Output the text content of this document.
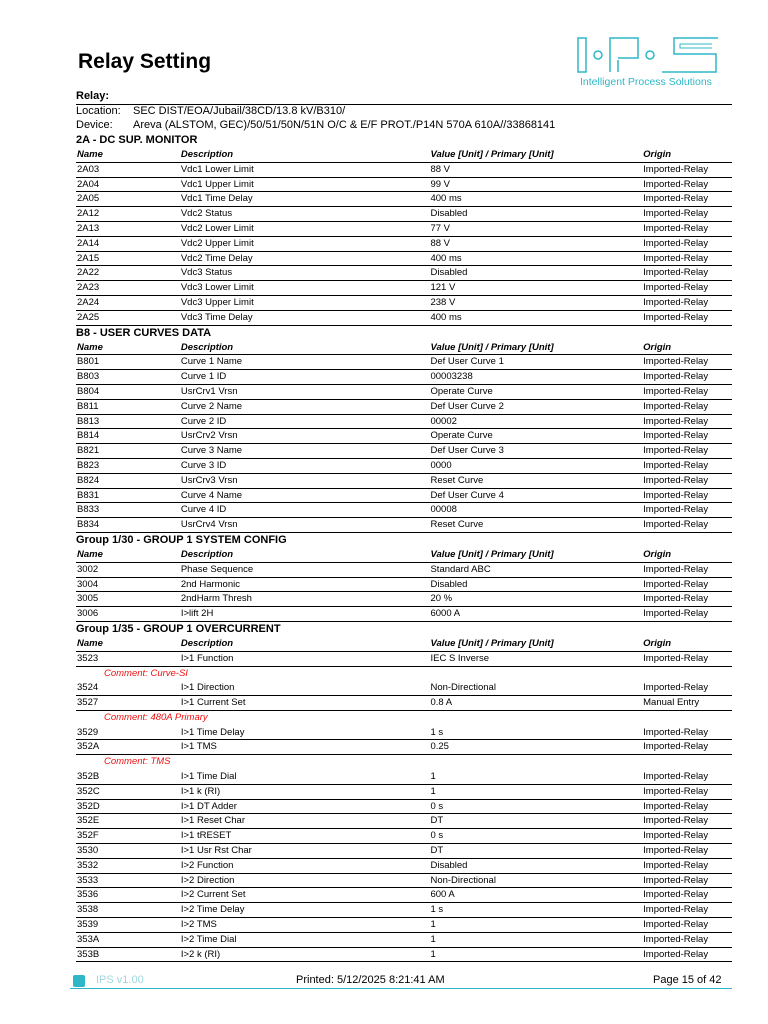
Relay Setting
Intelligent Process Solutions
Relay:
Location: SEC DIST/EOA/Jubail/38CD/13.8 kV/B310/
Device: Areva (ALSTOM, GEC)/50/51/50N/51N O/C & E/F PROT./P14N 570A 610A//33868141
2A - DC SUP. MONITOR
Name	Description	Value [Unit] / Primary [Unit]	Origin
2A03	Vdc1 Lower Limit	88 V	Imported-Relay
2A04	Vdc1 Upper Limit	99 V	Imported-Relay
2A05	Vdc1 Time Delay	400 ms	Imported-Relay
2A12	Vdc2 Status	Disabled	Imported-Relay
2A13	Vdc2 Lower Limit	77 V	Imported-Relay
2A14	Vdc2 Upper Limit	88 V	Imported-Relay
2A15	Vdc2 Time Delay	400 ms	Imported-Relay
2A22	Vdc3 Status	Disabled	Imported-Relay
2A23	Vdc3 Lower Limit	121 V	Imported-Relay
2A24	Vdc3 Upper Limit	238 V	Imported-Relay
2A25	Vdc3 Time Delay	400 ms	Imported-Relay
B8 - USER CURVES DATA
Name	Description	Value [Unit] / Primary [Unit]	Origin
B801	Curve 1 Name	Def User Curve 1	Imported-Relay
B803	Curve 1 ID	00003238	Imported-Relay
B804	UsrCrv1 Vrsn	Operate Curve	Imported-Relay
B811	Curve 2 Name	Def User Curve 2	Imported-Relay
B813	Curve 2 ID	00002	Imported-Relay
B814	UsrCrv2 Vrsn	Operate Curve	Imported-Relay
B821	Curve 3 Name	Def User Curve 3	Imported-Relay
B823	Curve 3 ID	0000	Imported-Relay
B824	UsrCrv3 Vrsn	Reset Curve	Imported-Relay
B831	Curve 4 Name	Def User Curve 4	Imported-Relay
B833	Curve 4 ID	00008	Imported-Relay
B834	UsrCrv4 Vrsn	Reset Curve	Imported-Relay
Group 1/30 - GROUP 1 SYSTEM CONFIG
Name	Description	Value [Unit] / Primary [Unit]	Origin
3002	Phase Sequence	Standard ABC	Imported-Relay
3004	2nd Harmonic	Disabled	Imported-Relay
3005	2ndHarm Thresh	20 %	Imported-Relay
3006	I>lift 2H	6000 A	Imported-Relay
Group 1/35 - GROUP 1 OVERCURRENT
Name	Description	Value [Unit] / Primary [Unit]	Origin
3523	I>1 Function	IEC S Inverse	Imported-Relay
Comment: Curve-SI
3524	I>1 Direction	Non-Directional	Imported-Relay
3527	I>1 Current Set	0.8 A	Manual Entry
Comment: 480A Primary
3529	I>1 Time Delay	1 s	Imported-Relay
352A	I>1 TMS	0.25	Imported-Relay
Comment: TMS
352B	I>1 Time Dial	1	Imported-Relay
352C	I>1 k (RI)	1	Imported-Relay
352D	I>1 DT Adder	0 s	Imported-Relay
352E	I>1 Reset Char	DT	Imported-Relay
352F	I>1 tRESET	0 s	Imported-Relay
3530	I>1 Usr Rst Char	DT	Imported-Relay
3532	I>2 Function	Disabled	Imported-Relay
3533	I>2 Direction	Non-Directional	Imported-Relay
3536	I>2 Current Set	600 A	Imported-Relay
3538	I>2 Time Delay	1 s	Imported-Relay
3539	I>2 TMS	1	Imported-Relay
353A	I>2 Time Dial	1	Imported-Relay
353B	I>2 k (RI)	1	Imported-Relay
IPS v1.00	Printed: 5/12/2025 8:21:41 AM	Page 15 of 42
